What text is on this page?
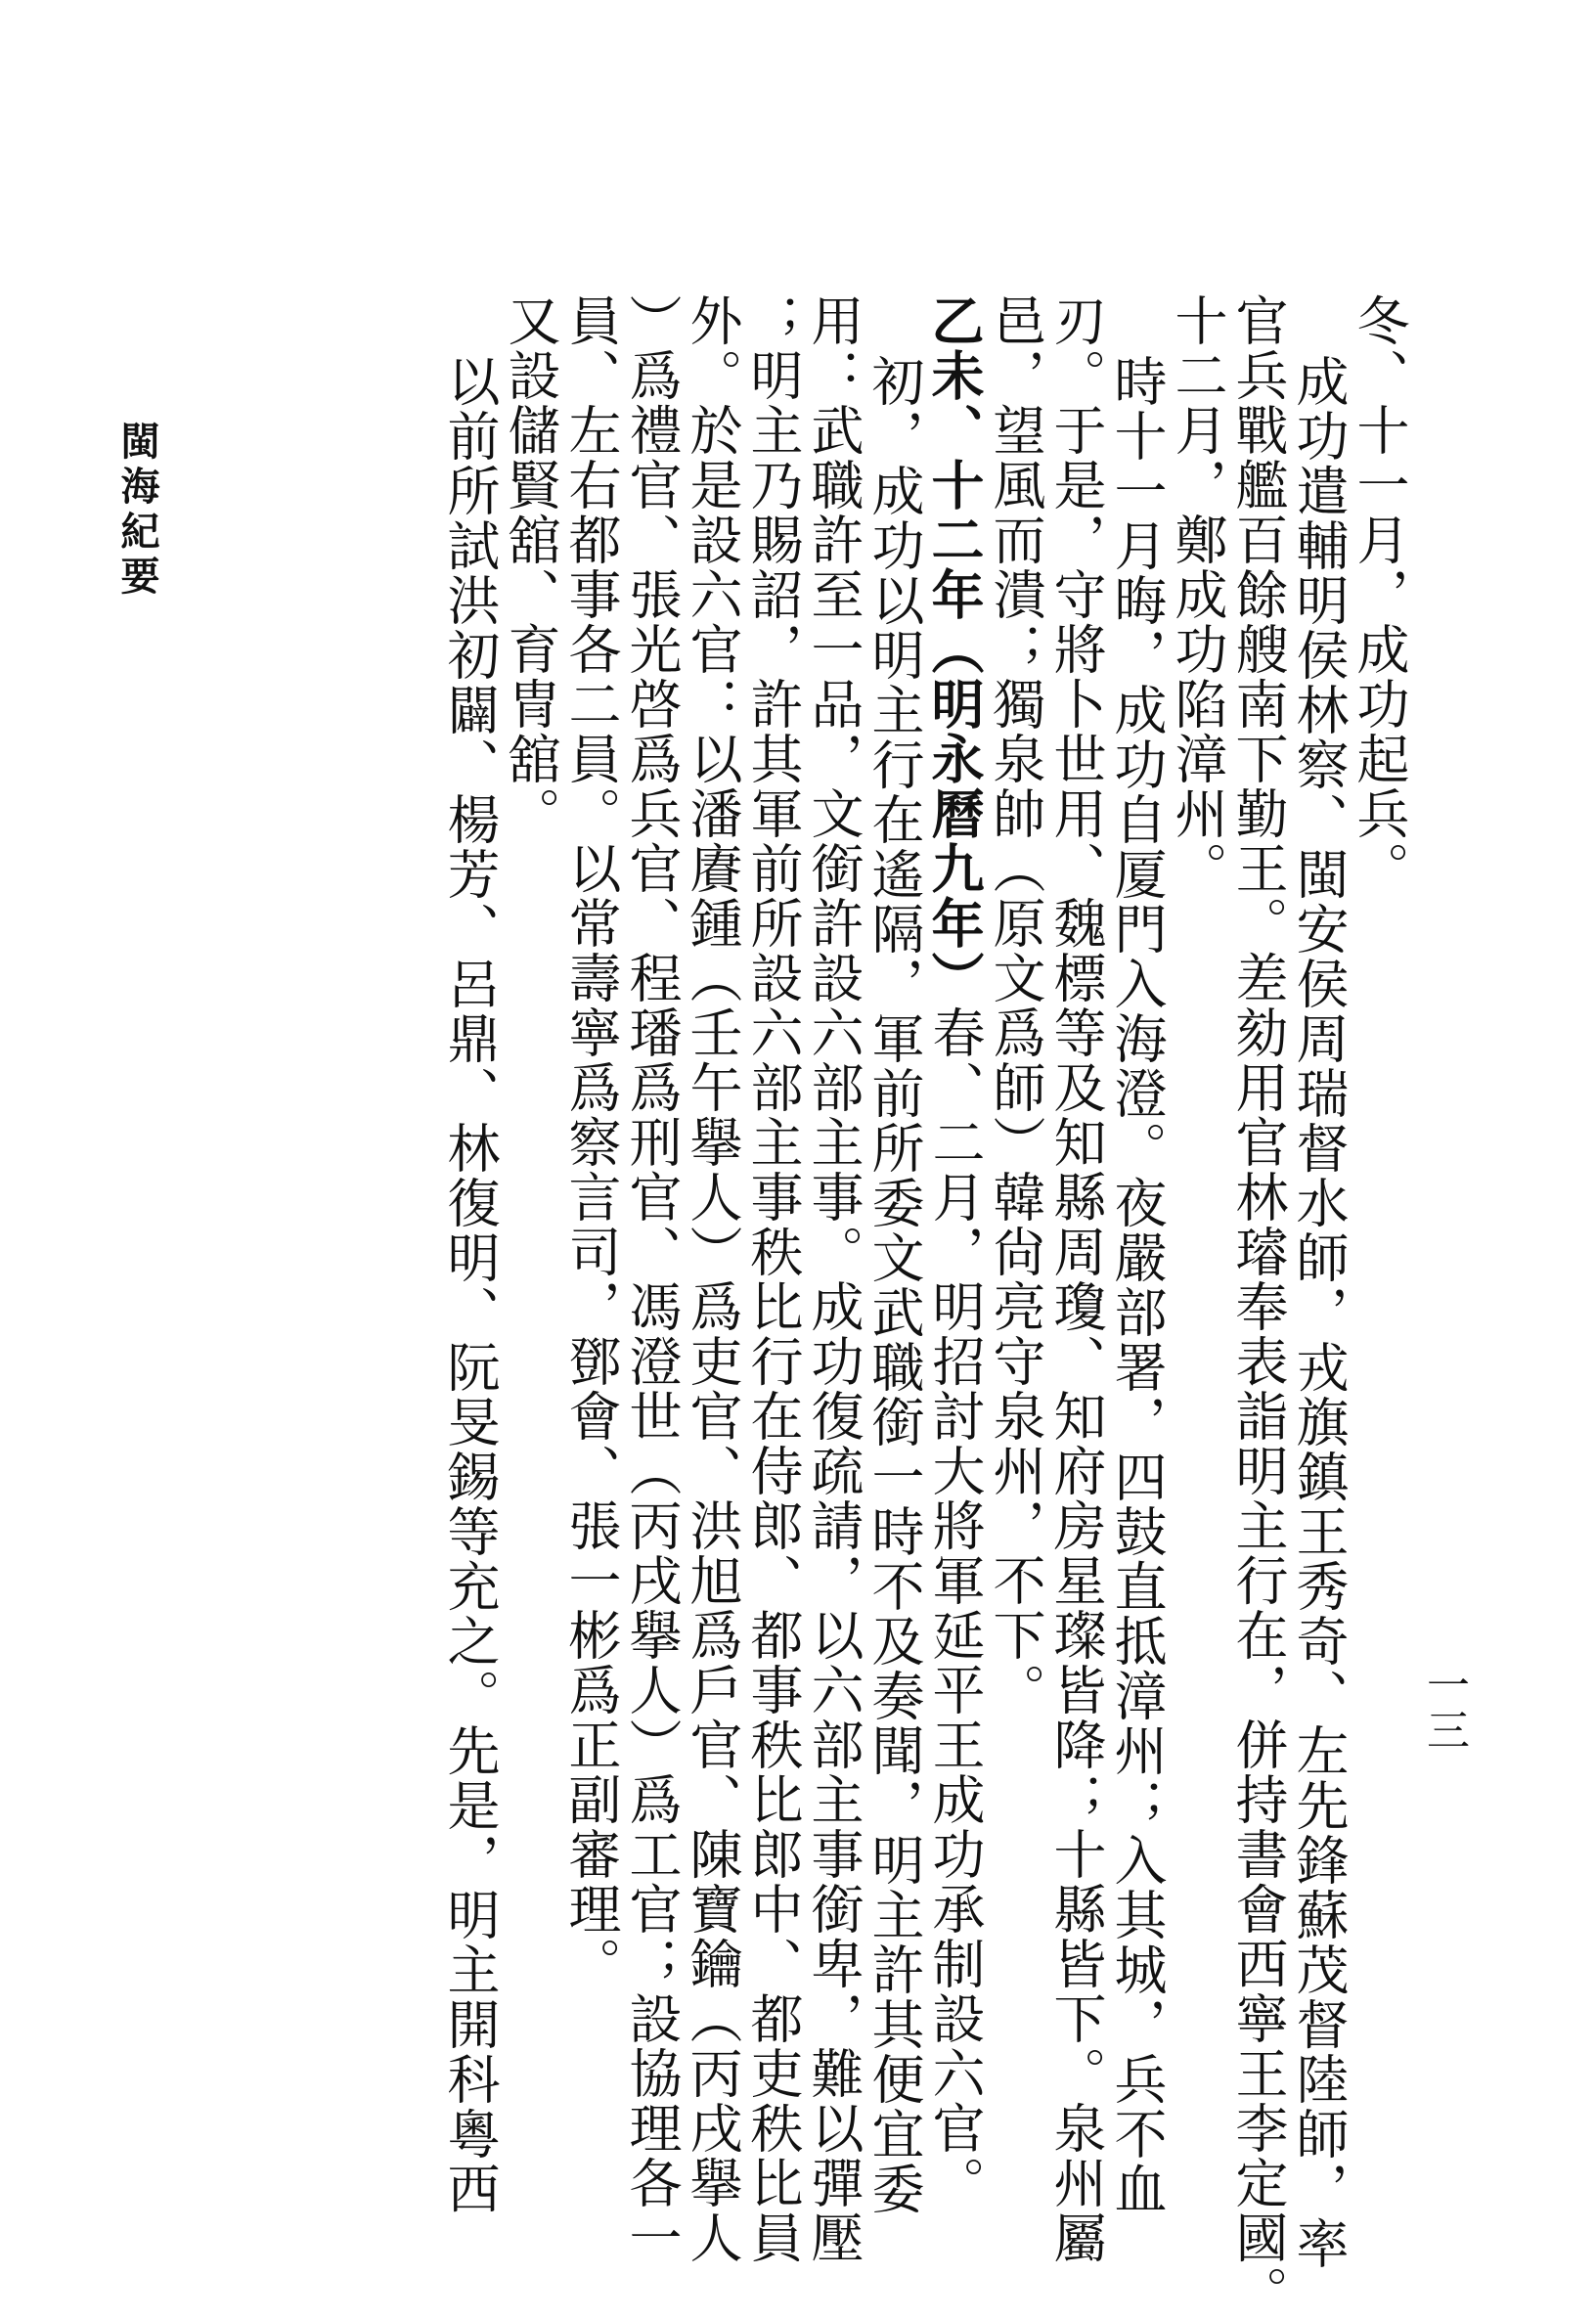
冬、十一月，成功起兵。
成功遣輔明侯林察、閩安侯周瑞督水師，戎旗鎮王秀奇、左先鋒蘇茂督陸師，率
官兵戰艦百餘艘南下勤王。差劾用官林璿奉表詣明主行在，併持書會西寧王李定國。
十二月，鄭成功陷漳州。
時十一月晦，成功自厦門入海澄。夜嚴部署，四鼓直抵漳州；入其城，兵不血
刃。于是，守將卜世用、魏標等及知縣周瓊、知府房星璨皆降；十縣皆下。泉州屬
邑，望風而潰；獨泉帥（原文爲師）韓尙亮守泉州，不下。
乙未、十二年（明永曆九年）春、二月，明招討大將軍延平王成功承制設六官。
初，成功以明主行在遙隔，軍前所委文武職銜一時不及奏聞，明主許其便宜委
用：武職許至一品，文銜許設六部主事。成功復疏請，以六部主事銜卑，難以彈壓
；明主乃賜詔，許其軍前所設六部主事秩比行在侍郎、都事秩比郎中、都吏秩比員
外。於是設六官：以潘賡鍾（壬午擧人）爲吏官、洪旭爲戶官、陳寶鑰（丙戌擧人
）爲禮官、張光啓爲兵官、程璠爲刑官、馮澄世（丙戌擧人）爲工官；設協理各一
員、左右都事各二員。以常壽寧爲察言司，鄧會、張一彬爲正副審理。
又設儲賢舘、育冑舘。
以前所試洪初闢、楊芳、呂鼎、林復明、阮旻錫等充之。先是，明主開科粵西
閩海紀要
一三
